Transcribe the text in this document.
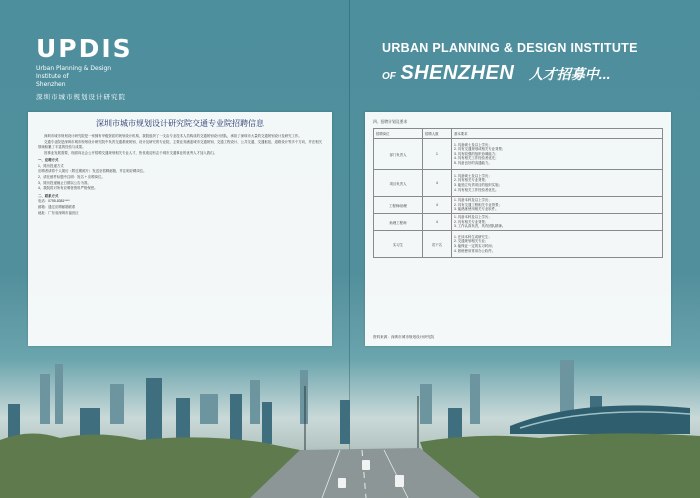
UPDIS
Urban Planning & Design
Institute of
Shenzhen
深圳市城市规划设计研究院
URBAN PLANNING & DESIGN INSTITUTE
OF SHENZHEN 人才招募中...
深圳市城市规划设计研究院交通专业院招聘信息

深圳市城市规划设计研究院是一家拥有甲级资质的规划设计机构，我院组织了一支由专业技术人员构成的交通规划设计团队，承担了深圳市大量的交通规划设计及研究工作。

交通专业院是深圳市城市规划设计研究院中负责交通系统规划、设计及研究的专业院，主要业务涵盖城市交通规划、交通工程设计、公共交通、交通枢纽、道路设计等多个方向，并在相关领域积累了丰富的经验与成果。

因事业发展需要，现面向社会公开招聘交通规划相关专业人才，热忱欢迎有志于城市交通事业的优秀人才加入我们。

一、应聘方式

1、简历投递方式

应聘者请将个人简历（附近期照片）发送至招聘邮箱，并注明应聘岗位。

2、请在邮件标题中注明：姓名 + 应聘岗位。

3、简历投递截止日期以公告为准。

4、我院将对所有应聘者资料严格保密。

二、联系方式

电话：0755-8381****

邮箱：通过应聘邮箱联系

地址：广东省深圳市福田区

四、招聘计划及要求
招聘岗位	招聘人数	基本要求
部门负责人	1	1. 具备硕士及以上学历；
2. 具有交通规划或相关专业背景；
3. 具有较强的组织协调能力；
4. 具有相关工作经验者优先；
5. 具备良好的沟通能力。

项目负责人	4	1. 具备硕士及以上学历；
2. 具有相关专业背景；
3. 能独立负责项目的组织实施；
4. 具有相关工作经验者优先。

工程师/助理	4	1. 具备本科及以上学历；
2. 具有交通工程相关专业背景；
3. 能熟练使用相关专业软件。

助理工程师	4	1. 具备本科及以上学历；
2. 具有相关专业背景；
3. 工作认真负责，具有团队精神。

实习生	若干名	1. 在读本科生或研究生；
2. 交通规划相关专业；
3. 能保证一定的实习时间；
4. 熟练使用常用办公软件。
资料来源：深圳市城市规划设计研究院
